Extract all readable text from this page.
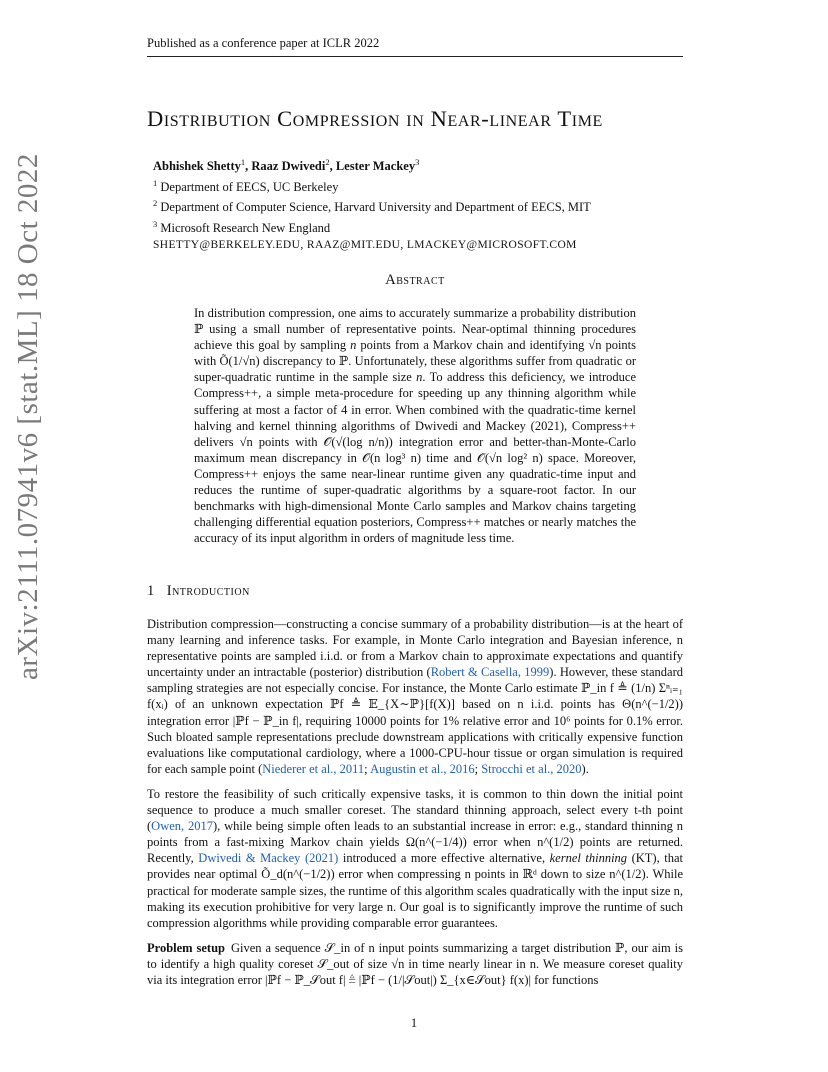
arXiv:2111.07941v6 [stat.ML] 18 Oct 2022
Published as a conference paper at ICLR 2022
Distribution Compression in Near-linear Time
Abhishek Shetty$^1$, Raaz Dwivedi$^2$, Lester Mackey$^3$
$^1$ Department of EECS, UC Berkeley
$^2$ Department of Computer Science, Harvard University and Department of EECS, MIT
$^3$ Microsoft Research New England
SHETTY@BERKELEY.EDU, RAAZ@MIT.EDU, LMACKEY@MICROSOFT.COM
Abstract

In distribution compression, one aims to accurately summarize a probability distribution ℙ using a small number of representative points. Near-optimal thinning procedures achieve this goal by sampling n points from a Markov chain and identifying √n points with Õ(1/√n) discrepancy to ℙ. Unfortunately, these algorithms suffer from quadratic or super-quadratic runtime in the sample size n. To address this deficiency, we introduce Compress++, a simple meta-procedure for speeding up any thinning algorithm while suffering at most a factor of 4 in error. When combined with the quadratic-time kernel halving and kernel thinning algorithms of Dwivedi and Mackey (2021), Compress++ delivers √n points with 𝒪(√(log n/n)) integration error and better-than-Monte-Carlo maximum mean discrepancy in 𝒪(n log³ n) time and 𝒪(√n log² n) space. Moreover, Compress++ enjoys the same near-linear runtime given any quadratic-time input and reduces the runtime of super-quadratic algorithms by a square-root factor. In our benchmarks with high-dimensional Monte Carlo samples and Markov chains targeting challenging differential equation posteriors, Compress++ matches or nearly matches the accuracy of its input algorithm in orders of magnitude less time.

1 Introduction

Distribution compression—constructing a concise summary of a probability distribution—is at the heart of many learning and inference tasks. For example, in Monte Carlo integration and Bayesian inference, n representative points are sampled i.i.d. or from a Markov chain to approximate expectations and quantify uncertainty under an intractable (posterior) distribution (Robert & Casella, 1999). However, these standard sampling strategies are not especially concise. For instance, the Monte Carlo estimate ℙ_in f ≜ (1/n) Σⁿᵢ₌₁ f(xᵢ) of an unknown expectation ℙf ≜ 𝔼_{X∼ℙ}[f(X)] based on n i.i.d. points has Θ(n^(−1/2)) integration error |ℙf − ℙ_in f|, requiring 10000 points for 1% relative error and 10⁶ points for 0.1% error. Such bloated sample representations preclude downstream applications with critically expensive function evaluations like computational cardiology, where a 1000-CPU-hour tissue or organ simulation is required for each sample point (Niederer et al., 2011; Augustin et al., 2016; Strocchi et al., 2020).

To restore the feasibility of such critically expensive tasks, it is common to thin down the initial point sequence to produce a much smaller coreset. The standard thinning approach, select every t-th point (Owen, 2017), while being simple often leads to an substantial increase in error: e.g., standard thinning n points from a fast-mixing Markov chain yields Ω(n^(−1/4)) error when n^(1/2) points are returned. Recently, Dwivedi & Mackey (2021) introduced a more effective alternative, kernel thinning (KT), that provides near optimal Õ_d(n^(−1/2)) error when compressing n points in ℝᵈ down to size n^(1/2). While practical for moderate sample sizes, the runtime of this algorithm scales quadratically with the input size n, making its execution prohibitive for very large n. Our goal is to significantly improve the runtime of such compression algorithms while providing comparable error guarantees.

Problem setup Given a sequence 𝒮_in of n input points summarizing a target distribution ℙ, our aim is to identify a high quality coreset 𝒮_out of size √n in time nearly linear in n. We measure coreset quality via its integration error |ℙf − ℙ_𝒮out f| ≜ |ℙf − (1/|𝒮out|) Σ_{x∈𝒮out} f(x)| for functions

1
